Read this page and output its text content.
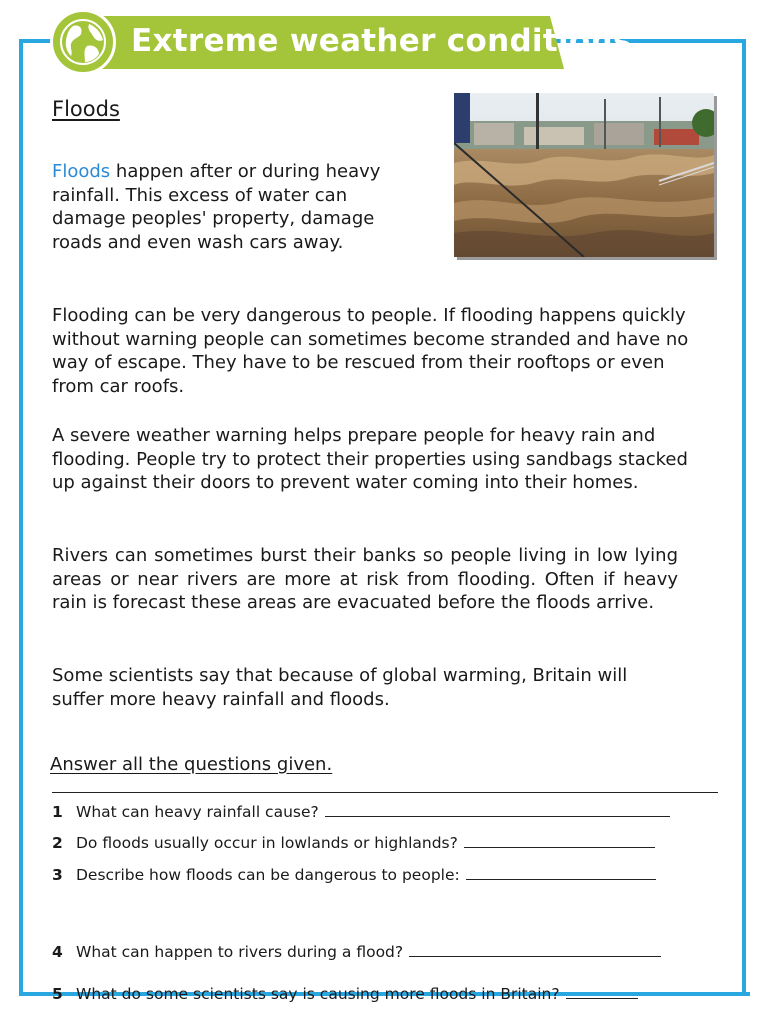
Extreme weather conditions
Floods
Floods happen after or during heavy rainfall. This excess of water can damage peoples' property, damage roads and even wash cars away.
Flooding can be very dangerous to people. If flooding happens quickly without warning people can sometimes become stranded and have no way of escape. They have to be rescued from their rooftops or even from car roofs.
A severe weather warning helps prepare people for heavy rain and flooding. People try to protect their properties using sandbags stacked up against their doors to prevent water coming into their homes.
Rivers can sometimes burst their banks so people living in low lying areas or near rivers are more at risk from flooding. Often if heavy rain is forecast these areas are evacuated before the floods arrive.
Some scientists say that because of global warming, Britain will suffer more heavy rainfall and floods.
Answer all the questions given.
1 What can heavy rainfall cause?
2 Do floods usually occur in lowlands or highlands?
3 Describe how floods can be dangerous to people:
4 What can happen to rivers during a flood?
5 What do some scientists say is causing more floods in Britain?
